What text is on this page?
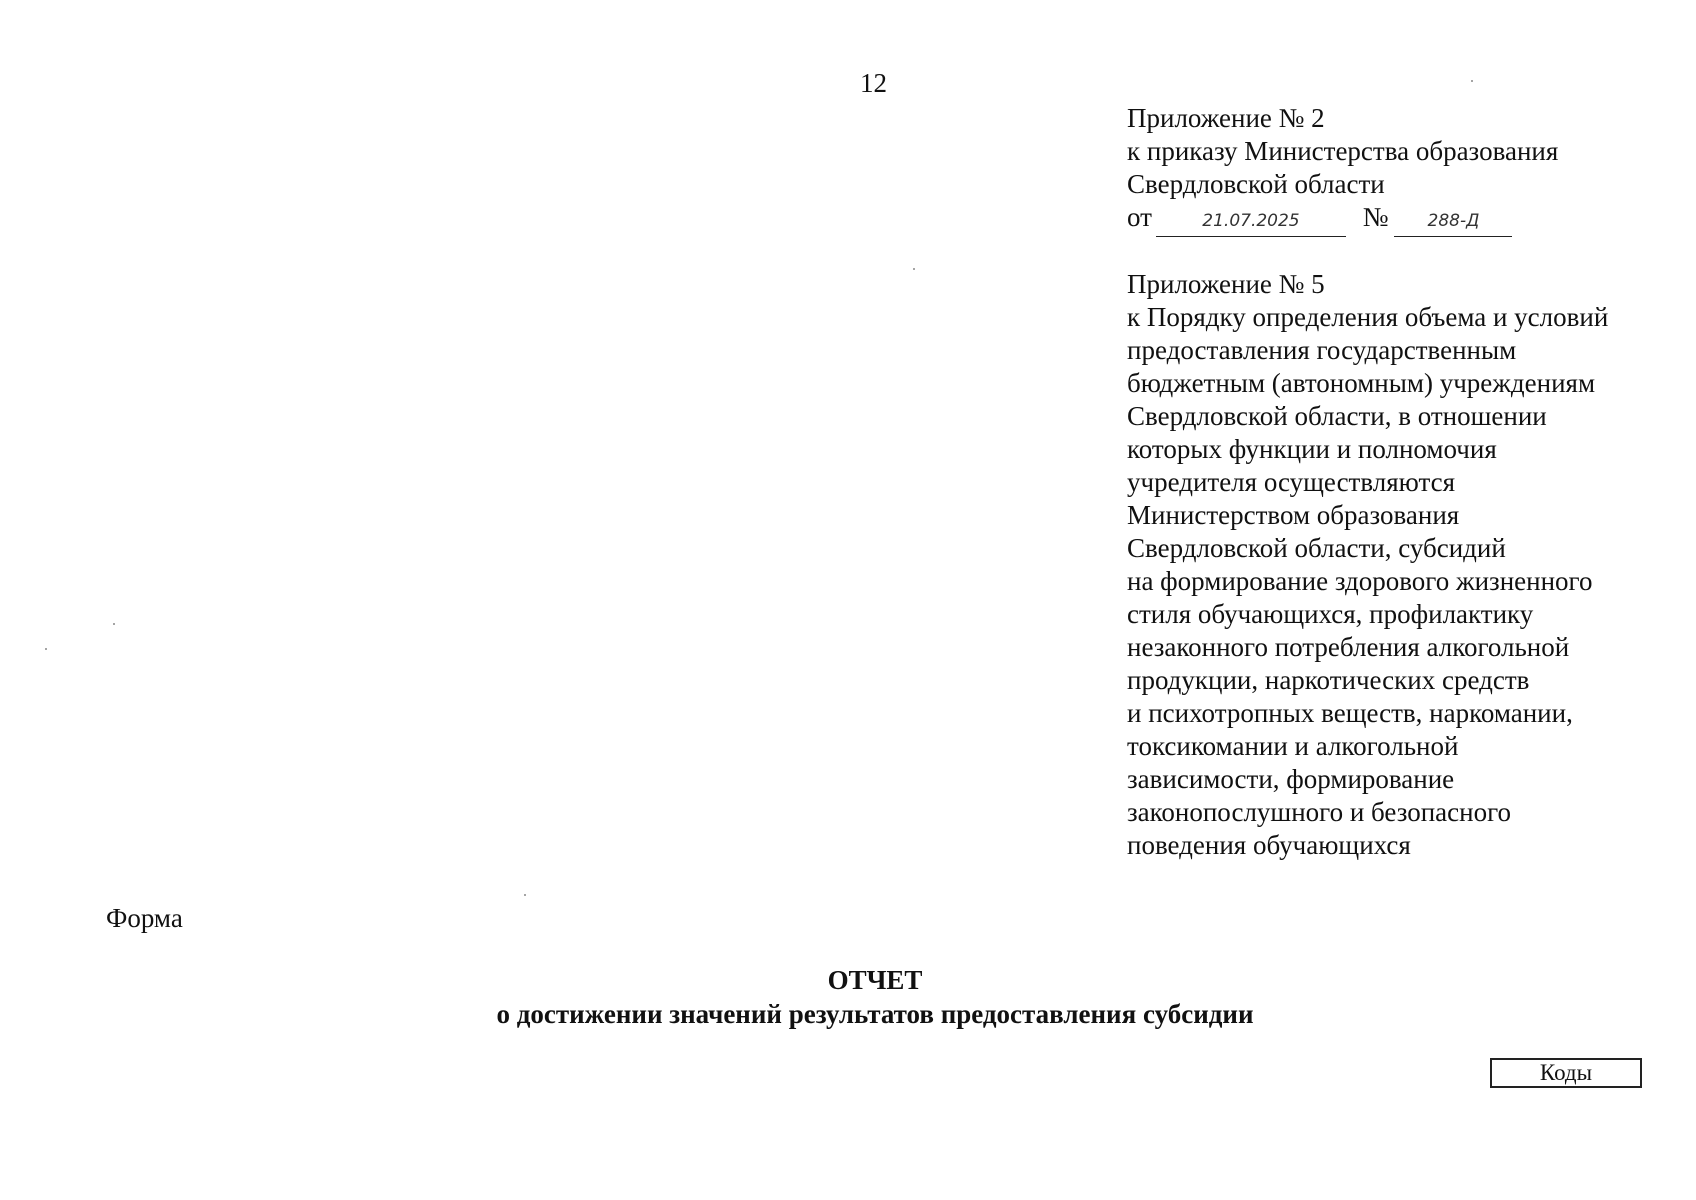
12
Приложение № 2
к приказу Министерства образования
Свердловской области
от	21.07.2025 № 288-Д
Приложение № 5
к Порядку определения объема и условий
предоставления государственным
бюджетным (автономным) учреждениям
Свердловской области, в отношении
которых функции и полномочия
учредителя осуществляются
Министерством образования
Свердловской области, субсидий
на формирование здорового жизненного
стиля обучающихся, профилактику
незаконного потребления алкогольной
продукции, наркотических средств
и психотропных веществ, наркомании,
токсикомании и алкогольной
зависимости, формирование
законопослушного и безопасного
поведения обучающихся
Форма
ОТЧЕТ
о достижении значений результатов предоставления субсидии
Коды
